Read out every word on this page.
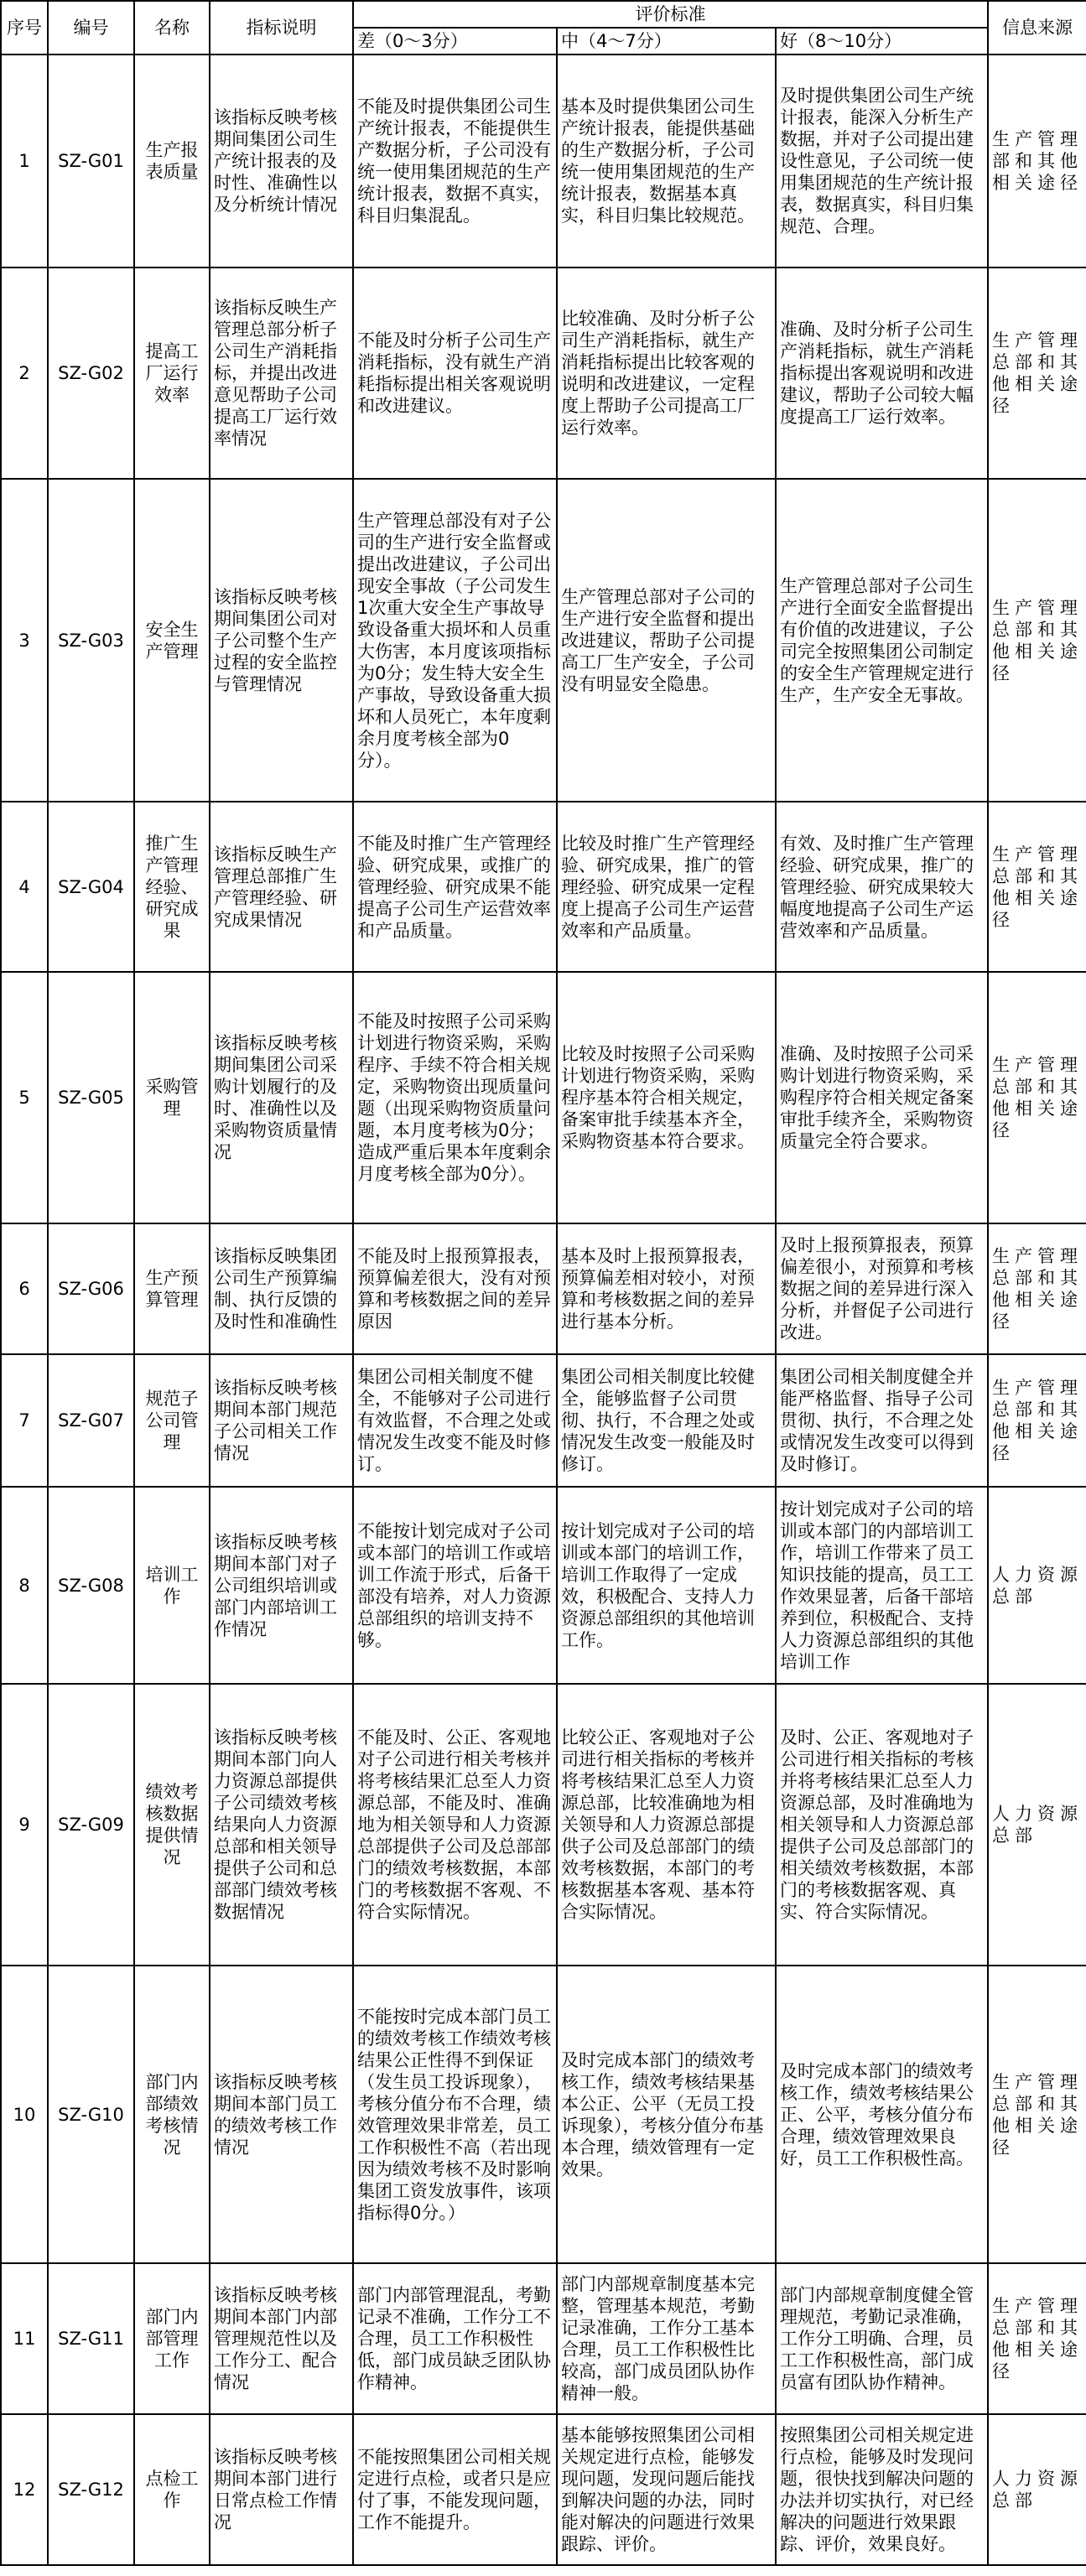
序号	编号	名称	指标说明	评价标准			信息来源
				差（0～3分）	中（4～7分）	好（8～10分）	
1	SZ-G01	生产报表质量	该指标反映考核期间集团公司生产统计报表的及时性、准确性以及分析统计情况	不能及时提供集团公司生产统计报表，不能提供生产数据分析，子公司没有统一使用集团规范的生产统计报表，数据不真实，科目归集混乱。	基本及时提供集团公司生产统计报表，能提供基础的生产数据分析，子公司统一使用集团规范的生产统计报表，数据基本真实，科目归集比较规范。	及时提供集团公司生产统计报表，能深入分析生产数据，并对子公司提出建设性意见，子公司统一使用集团规范的生产统计报表，数据真实，科目归集规范、合理。	生产管理部和其他相关途径
2	SZ-G02	提高工厂运行效率	该指标反映生产管理总部分析子公司生产消耗指标，并提出改进意见帮助子公司提高工厂运行效率情况	不能及时分析子公司生产消耗指标，没有就生产消耗指标提出相关客观说明和改进建议。	比较准确、及时分析子公司生产消耗指标，就生产消耗指标提出比较客观的说明和改进建议，一定程度上帮助子公司提高工厂运行效率。	准确、及时分析子公司生产消耗指标，就生产消耗指标提出客观说明和改进建议，帮助子公司较大幅度提高工厂运行效率。	生产管理总部和其他相关途径
3	SZ-G03	安全生产管理	该指标反映考核期间集团公司对子公司整个生产过程的安全监控与管理情况	生产管理总部没有对子公司的生产进行安全监督或提出改进建议，子公司出现安全事故（子公司发生1次重大安全生产事故导致设备重大损坏和人员重大伤害，本月度该项指标为0分；发生特大安全生产事故，导致设备重大损坏和人员死亡，本年度剩余月度考核全部为0分）。	生产管理总部对子公司的生产进行安全监督和提出改进建议，帮助子公司提高工厂生产安全，子公司没有明显安全隐患。	生产管理总部对子公司生产进行全面安全监督提出有价值的改进建议，子公司完全按照集团公司制定的安全生产管理规定进行生产，生产安全无事故。	生产管理总部和其他相关途径
4	SZ-G04	推广生产管理经验、研究成果	该指标反映生产管理总部推广生产管理经验、研究成果情况	不能及时推广生产管理经验、研究成果，或推广的管理经验、研究成果不能提高子公司生产运营效率和产品质量。	比较及时推广生产管理经验、研究成果，推广的管理经验、研究成果一定程度上提高子公司生产运营效率和产品质量。	有效、及时推广生产管理经验、研究成果，推广的管理经验、研究成果较大幅度地提高子公司生产运营效率和产品质量。	生产管理总部和其他相关途径
5	SZ-G05	采购管理	该指标反映考核期间集团公司采购计划履行的及时、准确性以及采购物资质量情况	不能及时按照子公司采购计划进行物资采购，采购程序、手续不符合相关规定，采购物资出现质量问题（出现采购物资质量问题，本月度考核为0分；造成严重后果本年度剩余月度考核全部为0分）。	比较及时按照子公司采购计划进行物资采购，采购程序基本符合相关规定，备案审批手续基本齐全，采购物资基本符合要求。	准确、及时按照子公司采购计划进行物资采购，采购程序符合相关规定备案审批手续齐全，采购物资质量完全符合要求。	生产管理总部和其他相关途径
6	SZ-G06	生产预算管理	该指标反映集团公司生产预算编制、执行反馈的及时性和准确性	不能及时上报预算报表，预算偏差很大，没有对预算和考核数据之间的差异原因	基本及时上报预算报表，预算偏差相对较小，对预算和考核数据之间的差异进行基本分析。	及时上报预算报表，预算偏差很小，对预算和考核数据之间的差异进行深入分析，并督促子公司进行改进。	生产管理总部和其他相关途径
7	SZ-G07	规范子公司管理	该指标反映考核期间本部门规范子公司相关工作情况	集团公司相关制度不健全，不能够对子公司进行有效监督，不合理之处或情况发生改变不能及时修订。	集团公司相关制度比较健全，能够监督子公司贯彻、执行，不合理之处或情况发生改变一般能及时修订。	集团公司相关制度健全并能严格监督、指导子公司贯彻、执行，不合理之处或情况发生改变可以得到及时修订。	生产管理总部和其他相关途径
8	SZ-G08	培训工作	该指标反映考核期间本部门对子公司组织培训或部门内部培训工作情况	不能按计划完成对子公司或本部门的培训工作或培训工作流于形式，后备干部没有培养，对人力资源总部组织的培训支持不够。	按计划完成对子公司的培训或本部门的培训工作，培训工作取得了一定成效，积极配合、支持人力资源总部组织的其他培训工作。	按计划完成对子公司的培训或本部门的内部培训工作，培训工作带来了员工知识技能的提高，员工工作效果显著，后备干部培养到位，积极配合、支持人力资源总部组织的其他培训工作	人力资源总部
9	SZ-G09	绩效考核数据提供情况	该指标反映考核期间本部门向人力资源总部提供子公司绩效考核结果向人力资源总部和相关领导提供子公司和总部部门绩效考核数据情况	不能及时、公正、客观地对子公司进行相关考核并将考核结果汇总至人力资源总部，不能及时、准确地为相关领导和人力资源总部提供子公司及总部部门的绩效考核数据，本部门的考核数据不客观、不符合实际情况。	比较公正、客观地对子公司进行相关指标的考核并将考核结果汇总至人力资源总部，比较准确地为相关领导和人力资源总部提供子公司及总部部门的绩效考核数据，本部门的考核数据基本客观、基本符合实际情况。	及时、公正、客观地对子公司进行相关指标的考核并将考核结果汇总至人力资源总部，及时准确地为相关领导和人力资源总部提供子公司及总部部门的相关绩效考核数据，本部门的考核数据客观、真实、符合实际情况。	人力资源总部
10	SZ-G10	部门内部绩效考核情况	该指标反映考核期间本部门员工的绩效考核工作情况	不能按时完成本部门员工的绩效考核工作绩效考核结果公正性得不到保证（发生员工投诉现象），考核分值分布不合理，绩效管理效果非常差，员工工作积极性不高（若出现因为绩效考核不及时影响集团工资发放事件，该项指标得0分。）	及时完成本部门的绩效考核工作，绩效考核结果基本公正、公平（无员工投诉现象），考核分值分布基本合理，绩效管理有一定效果。	及时完成本部门的绩效考核工作，绩效考核结果公正、公平，考核分值分布合理，绩效管理效果良好，员工工作积极性高。	生产管理总部和其他相关途径
11	SZ-G11	部门内部管理工作	该指标反映考核期间本部门内部管理规范性以及工作分工、配合情况	部门内部管理混乱，考勤记录不准确，工作分工不合理，员工工作积极性低，部门成员缺乏团队协作精神。	部门内部规章制度基本完整，管理基本规范，考勤记录准确，工作分工基本合理，员工工作积极性比较高，部门成员团队协作精神一般。	部门内部规章制度健全管理规范，考勤记录准确，工作分工明确、合理，员工工作积极性高，部门成员富有团队协作精神。	生产管理总部和其他相关途径
12	SZ-G12	点检工作	该指标反映考核期间本部门进行日常点检工作情况	不能按照集团公司相关规定进行点检，或者只是应付了事，不能发现问题，工作不能提升。	基本能够按照集团公司相关规定进行点检，能够发现问题，发现问题后能找到解决问题的办法，同时能对解决的问题进行效果跟踪、评价。	按照集团公司相关规定进行点检，能够及时发现问题，很快找到解决问题的办法并切实执行，对已经解决的问题进行效果跟踪、评价，效果良好。	人力资源总部
